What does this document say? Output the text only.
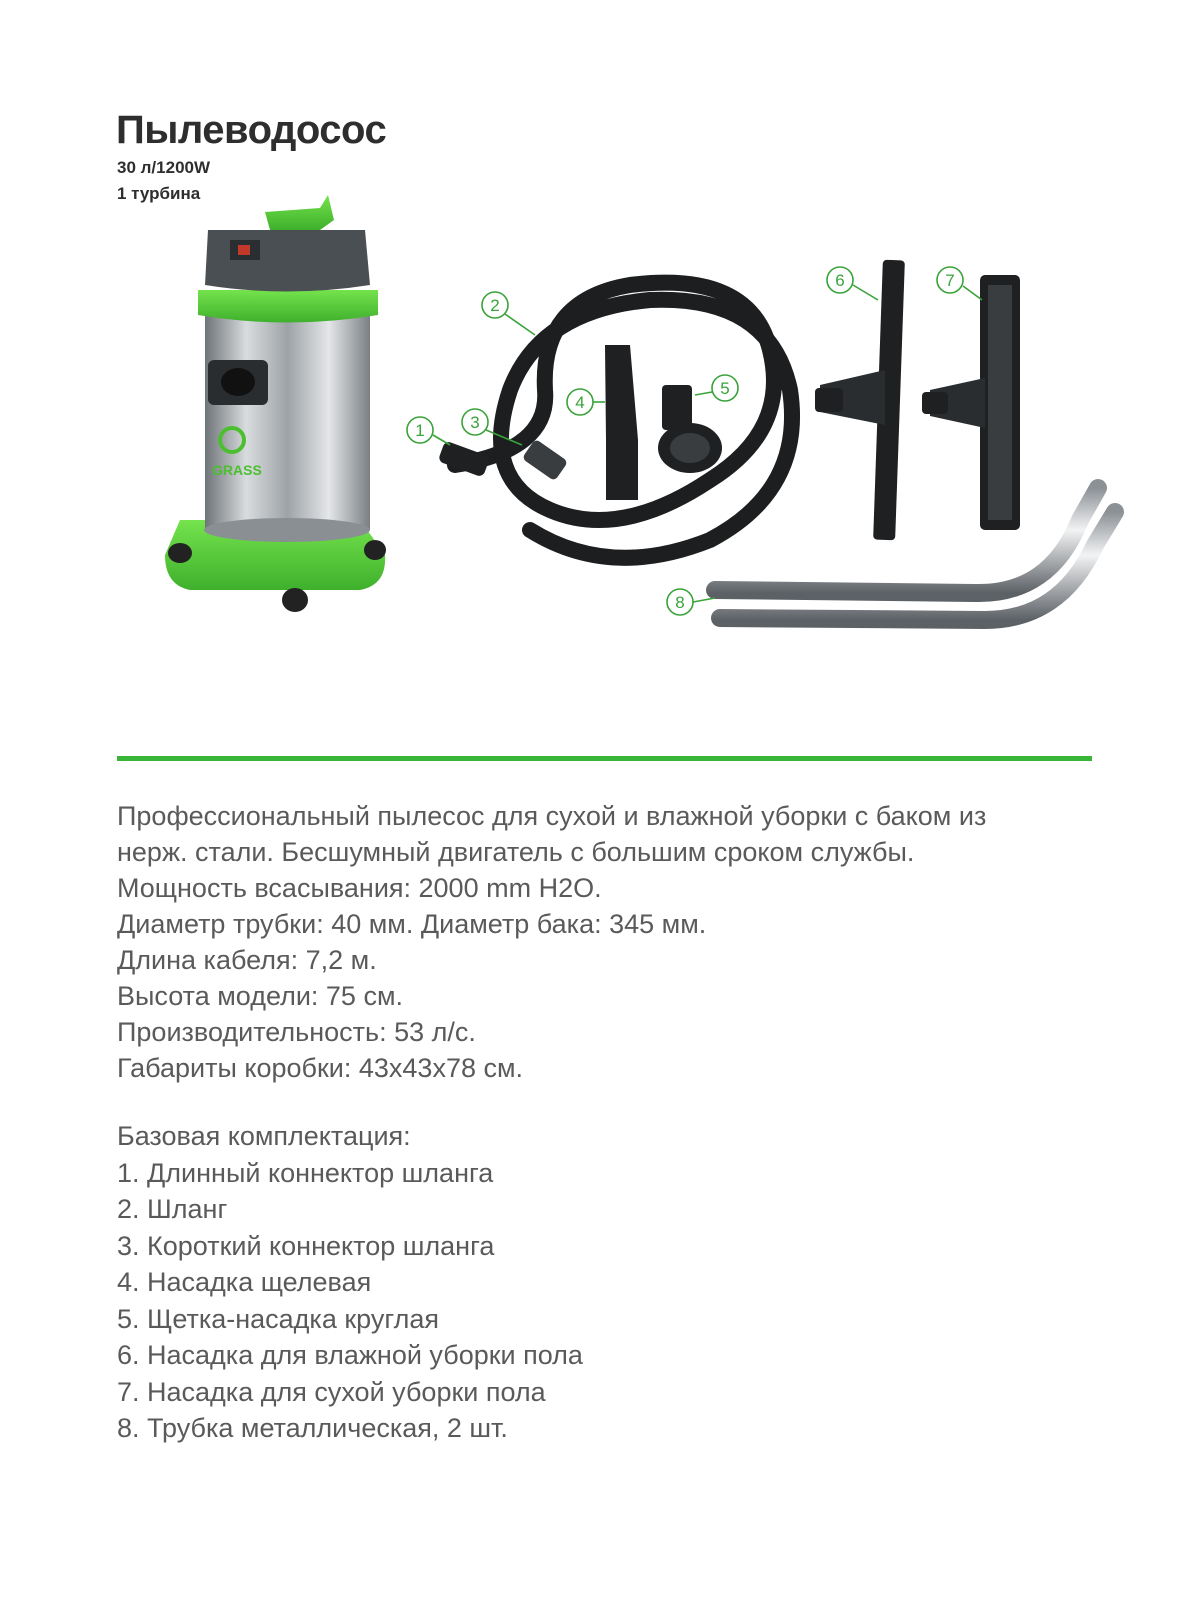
Пылеводосос
30 л/1200W
1 турбина
GRASS
1
2
3
4
5
6	7
8
Профессиональный пылесос для сухой и влажной уборки с баком из
нерж. стали. Бесшумный двигатель с большим сроком службы.
Мощность всасывания: 2000 mm H2O.
Диаметр трубки: 40 мм. Диаметр бака: 345 мм.
Длина кабеля: 7,2 м.
Высота модели: 75 см.
Производительность: 53 л/с.
Габариты коробки: 43х43х78 см.
Базовая комплектация:
1. Длинный коннектор шланга
2. Шланг
3. Короткий коннектор шланга
4. Насадка щелевая
5. Щетка-насадка круглая
6. Насадка для влажной уборки пола
7. Насадка для сухой уборки пола
8. Трубка металлическая, 2 шт.
